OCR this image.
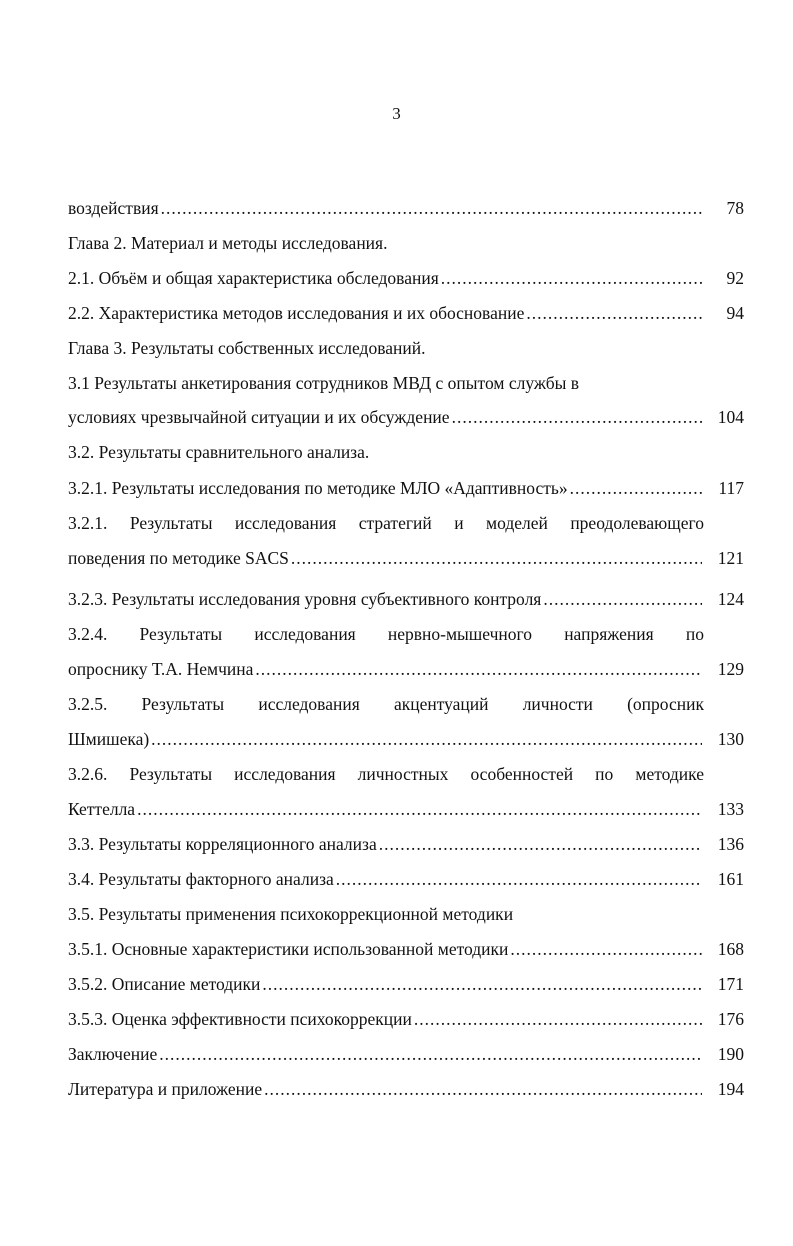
3
воздействия .....	78
Глава 2. Материал и методы исследования.
2.1. Объём и общая характеристика обследования .....	92
2.2. Характеристика методов исследования и их обоснование .....	94
Глава 3. Результаты собственных исследований.
3.1 Результаты анкетирования сотрудников МВД с опытом службы в
условиях чрезвычайной ситуации и их обсуждение .....	104
3.2. Результаты сравнительного анализа.
3.2.1. Результаты исследования по методике МЛО «Адаптивность» .....	117
3.2.1. Результаты исследования стратегий и моделей преодолевающего
поведения по методике SACS .....	121
3.2.3. Результаты исследования уровня субъективного контроля .....	124
3.2.4. Результаты исследования нервно-мышечного напряжения по
опроснику Т.А. Немчина .....	129
3.2.5. Результаты исследования акцентуаций личности (опросник
Шмишека) .....	130
3.2.6. Результаты исследования личностных особенностей по методике
Кеттелла .....	133
3.3. Результаты корреляционного анализа .....	136
3.4. Результаты факторного анализа .....	161
3.5. Результаты применения психокоррекционной методики
3.5.1. Основные характеристики использованной методики .....	168
3.5.2. Описание методики .....	171
3.5.3. Оценка эффективности психокоррекции .....	176
Заключение .....	190
Литература и приложение .....	194
